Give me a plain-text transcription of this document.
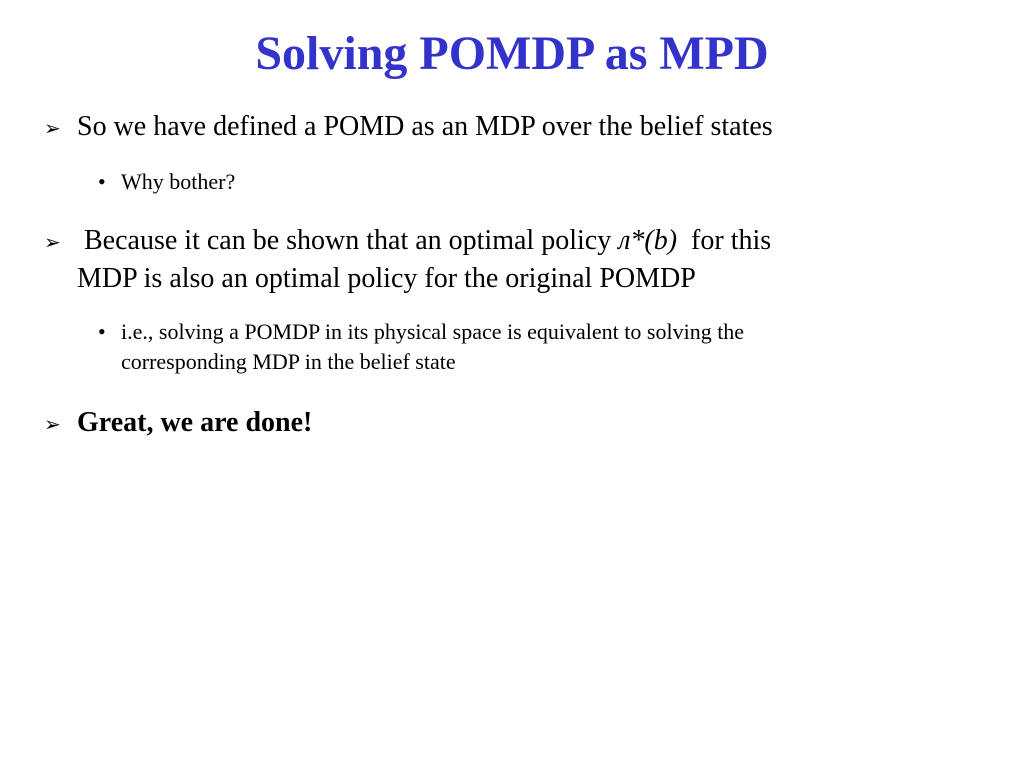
Solving POMDP as MPD
➢ So we have defined a POMD as an MDP over the belief states
• Why bother?
➢ Because it can be shown that an optimal policy л*(b)  for this
MDP is also an optimal policy for the original POMDP
• i.e., solving a POMDP in its physical space is equivalent to solving the
corresponding MDP in the belief state
➢ Great, we are done!
